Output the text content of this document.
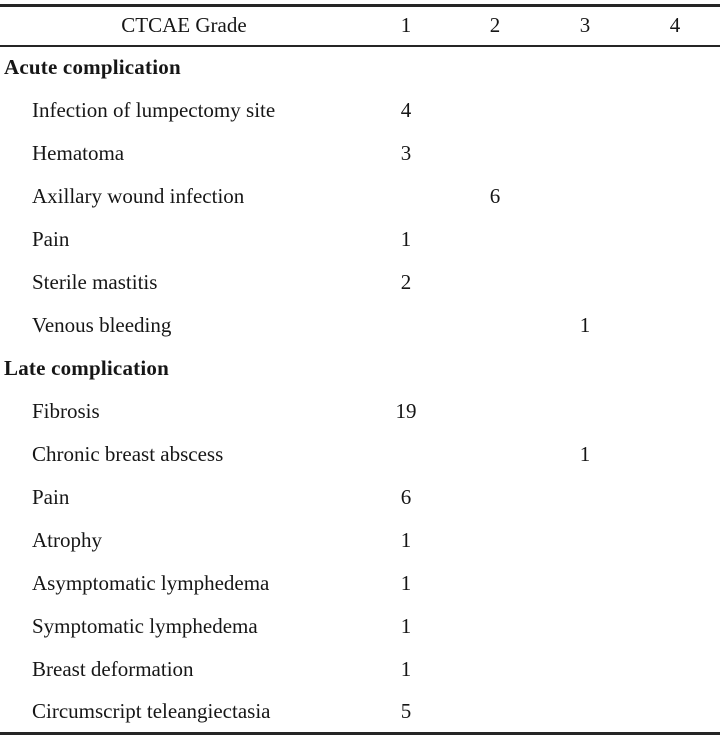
CTCAE Grade	1	2	3	4
Acute complication				
Infection of lumpectomy site	4			
Hematoma	3			
Axillary wound infection		6		
Pain	1			
Sterile mastitis	2			
Venous bleeding			1	
Late complication				
Fibrosis	19			
Chronic breast abscess			1	
Pain	6			
Atrophy	1			
Asymptomatic lymphedema	1			
Symptomatic lymphedema	1			
Breast deformation	1			
Circumscript teleangiectasia	5			
